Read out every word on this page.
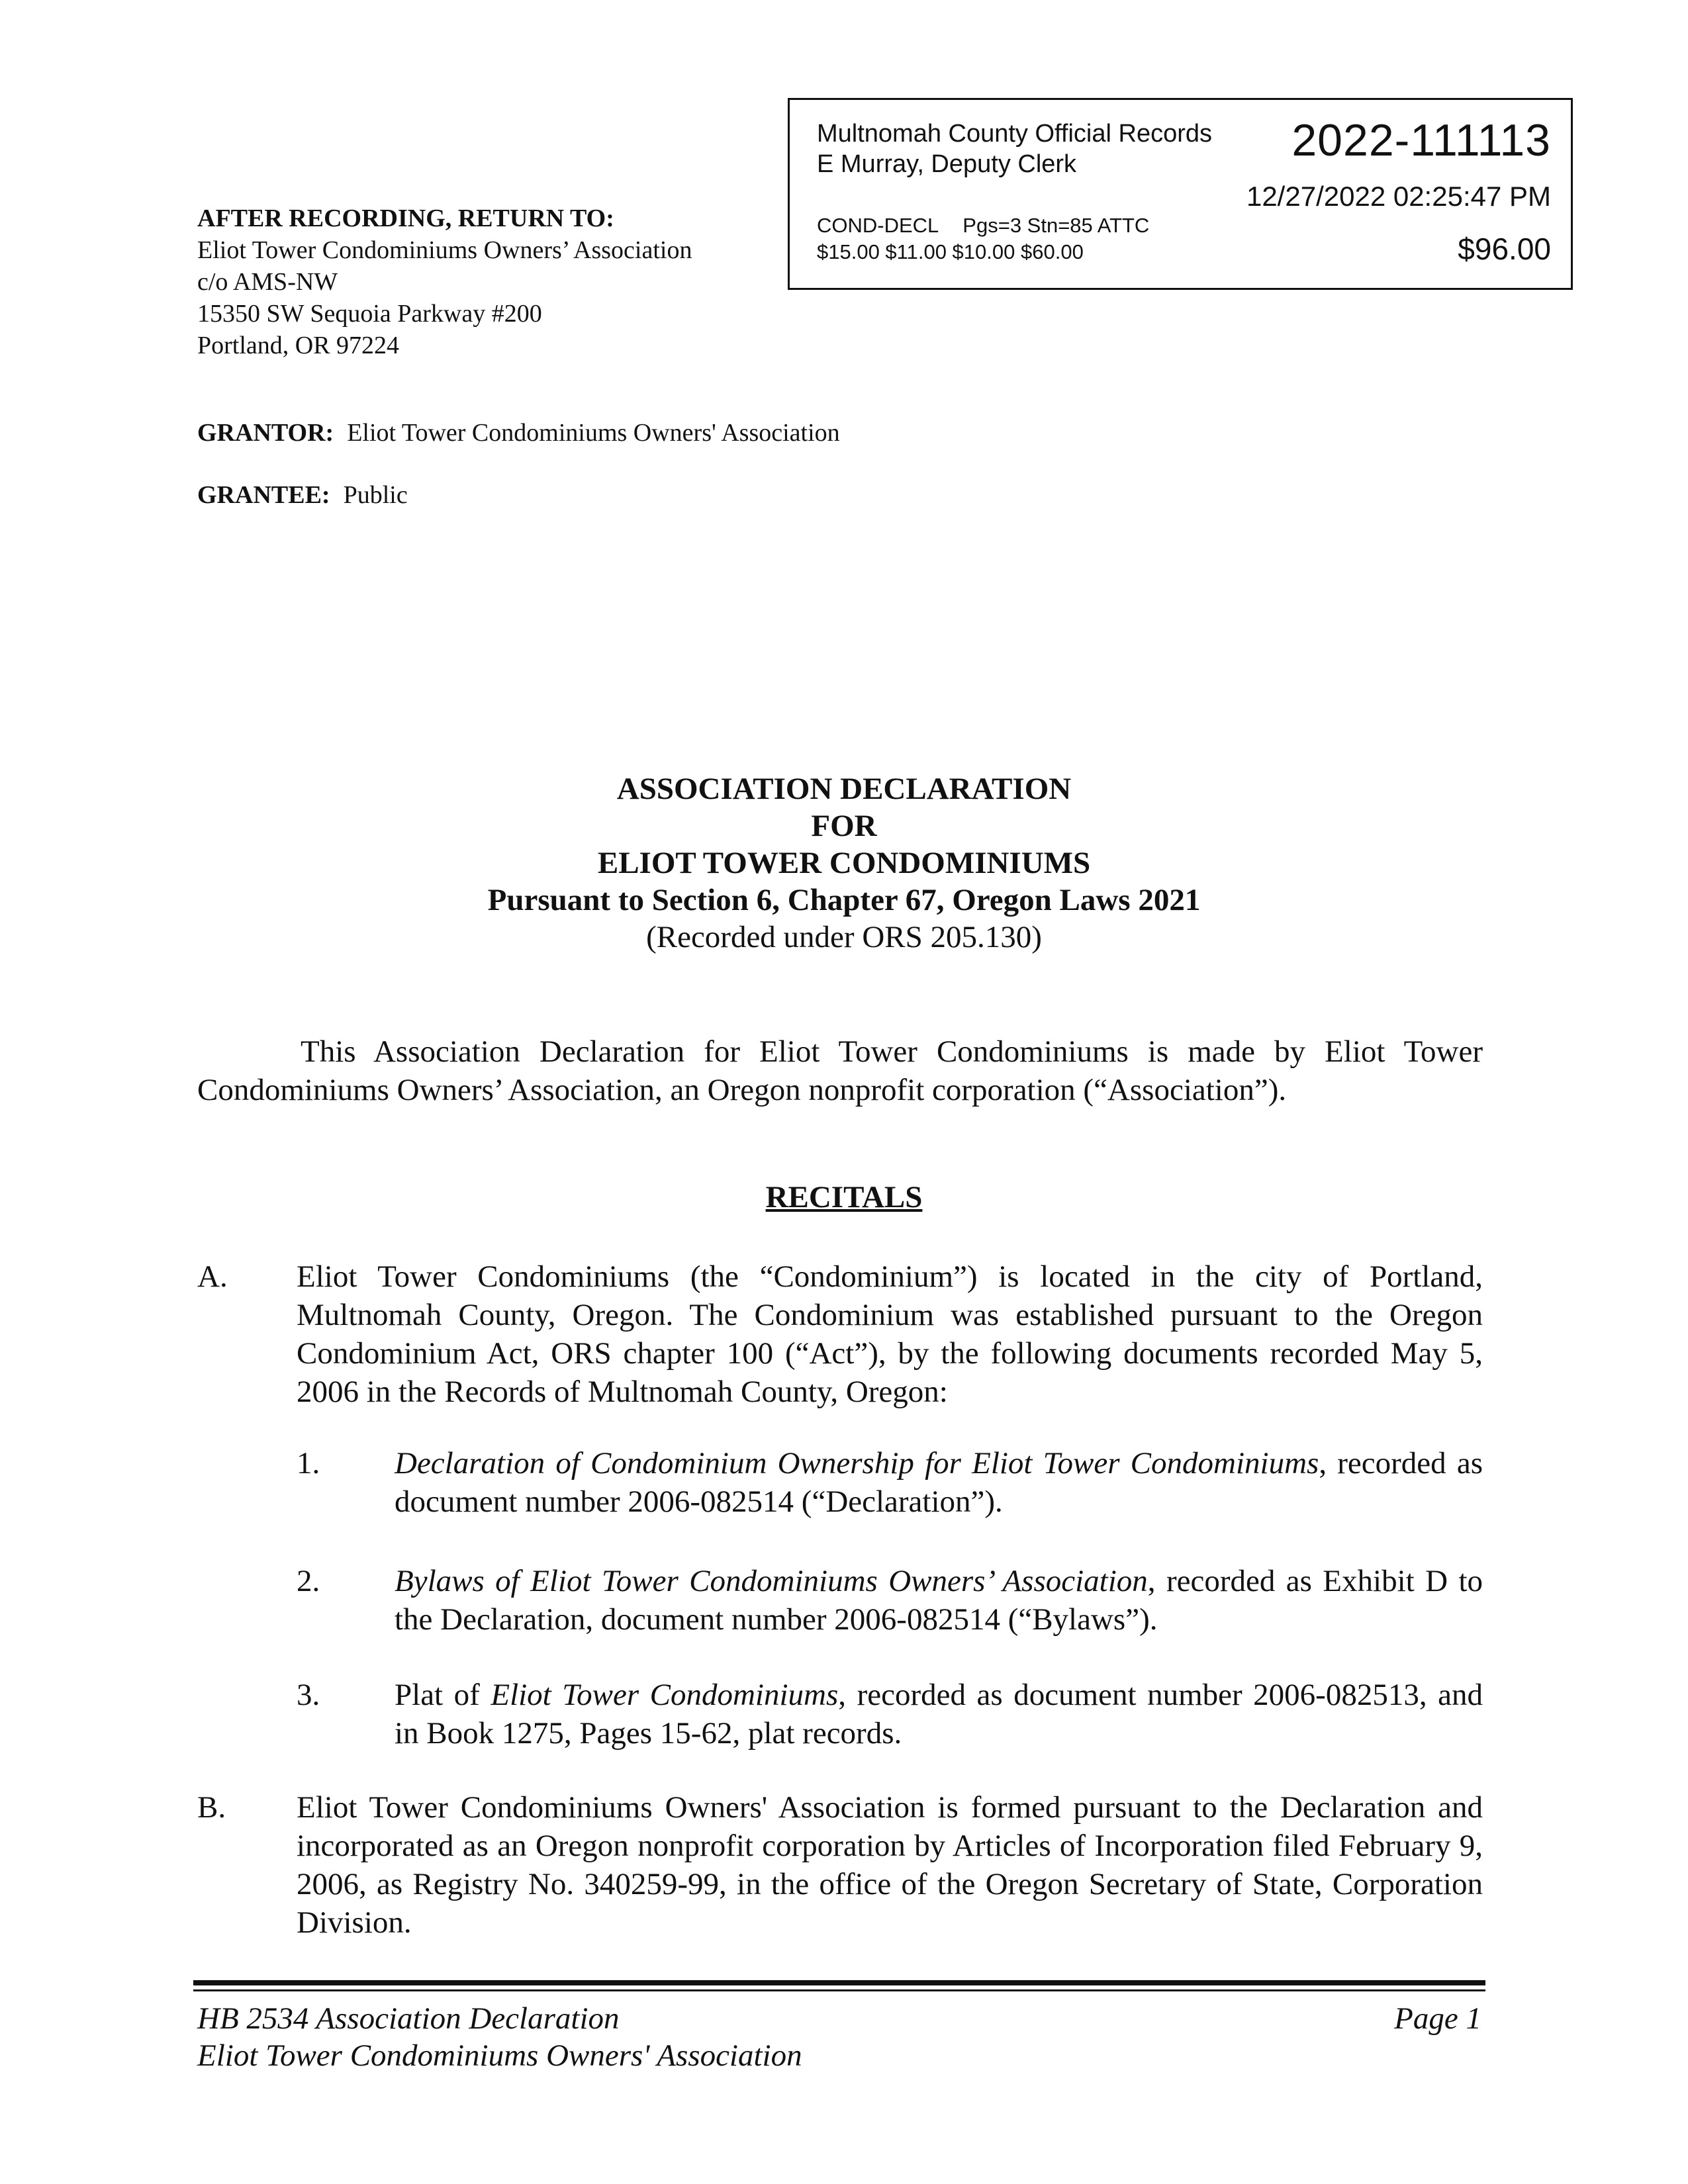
AFTER RECORDING, RETURN TO:
Eliot Tower Condominiums Owners’ Association
c/o AMS-NW
15350 SW Sequoia Parkway #200
Portland, OR 97224
Multnomah County Official Records
E Murray, Deputy Clerk	2022-111113
12/27/2022 02:25:47 PM
COND-DECL Pgs=3 Stn=85 ATTC
$15.00 $11.00 $10.00 $60.00	$96.00
GRANTOR: Eliot Tower Condominiums Owners' Association
GRANTEE: Public
ASSOCIATION DECLARATION
FOR
ELIOT TOWER CONDOMINIUMS
Pursuant to Section 6, Chapter 67, Oregon Laws 2021
(Recorded under ORS 205.130)
This Association Declaration for Eliot Tower Condominiums is made by Eliot Tower Condominiums Owners’ Association, an Oregon nonprofit corporation (“Association”).
RECITALS
A. Eliot Tower Condominiums (the “Condominium”) is located in the city of Portland, Multnomah County, Oregon. The Condominium was established pursuant to the Oregon Condominium Act, ORS chapter 100 (“Act”), by the following documents recorded May 5, 2006 in the Records of Multnomah County, Oregon:
1. Declaration of Condominium Ownership for Eliot Tower Condominiums, recorded as document number 2006-082514 (“Declaration”).
2. Bylaws of Eliot Tower Condominiums Owners’ Association, recorded as Exhibit D to the Declaration, document number 2006-082514 (“Bylaws”).
3. Plat of Eliot Tower Condominiums, recorded as document number 2006-082513, and in Book 1275, Pages 15-62, plat records.
B. Eliot Tower Condominiums Owners' Association is formed pursuant to the Declaration and incorporated as an Oregon nonprofit corporation by Articles of Incorporation filed February 9, 2006, as Registry No. 340259-99, in the office of the Oregon Secretary of State, Corporation Division.
HB 2534 Association Declaration
Eliot Tower Condominiums Owners' Association
Page 1
